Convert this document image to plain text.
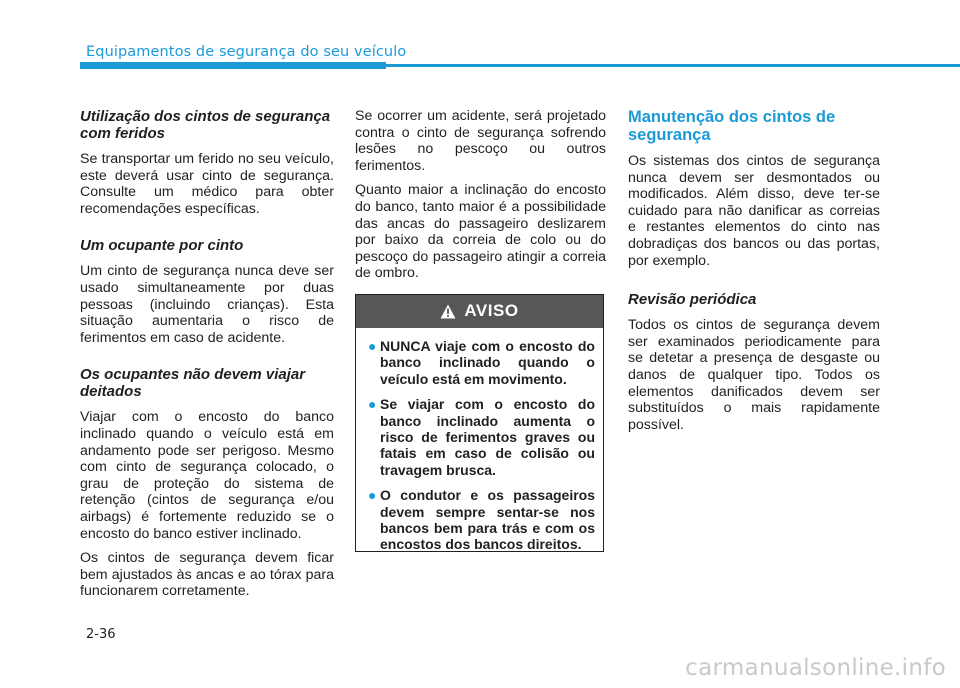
Equipamentos de segurança do seu veículo
Utilização dos cintos de segurança com feridos

Se transportar um ferido no seu veículo, este deverá usar cinto de segurança. Consulte um médico para obter recomendações específicas.

Um ocupante por cinto

Um cinto de segurança nunca deve ser usado simultaneamente por duas pessoas (incluindo crianças). Esta situação aumentaria o risco de ferimentos em caso de acidente.

Os ocupantes não devem viajar deitados

Viajar com o encosto do banco inclinado quando o veículo está em andamento pode ser perigoso. Mesmo com cinto de segurança colocado, o grau de proteção do sistema de retenção (cintos de segurança e/ou airbags) é fortemente reduzido se o encosto do banco estiver inclinado.

Os cintos de segurança devem ficar bem ajustados às ancas e ao tórax para funcionarem corretamente.

Se ocorrer um acidente, será projetado contra o cinto de segurança sofrendo lesões no pescoço ou outros ferimentos.

Quanto maior a inclinação do encosto do banco, tanto maior é a possibilidade das ancas do passageiro deslizarem por baixo da correia de colo ou do pescoço do passageiro atingir a correia de ombro.

AVISO
● NUNCA viaje com o encosto do banco inclinado quando o veículo está em movimento.
● Se viajar com o encosto do banco inclinado aumenta o risco de ferimentos graves ou fatais em caso de colisão ou travagem brusca.
● O condutor e os passageiros devem sempre sentar-se nos bancos bem para trás e com os encostos dos bancos direitos.
Manutenção dos cintos de segurança

Os sistemas dos cintos de segurança nunca devem ser desmontados ou modificados. Além disso, deve ter-se cuidado para não danificar as correias e restantes elementos do cinto nas dobradiças dos bancos ou das portas, por exemplo.

Revisão periódica

Todos os cintos de segurança devem ser examinados periodicamente para se detetar a presença de desgaste ou danos de qualquer tipo. Todos os elementos danificados devem ser substituídos o mais rapidamente possível.

2-36
carmanualsonline.info
